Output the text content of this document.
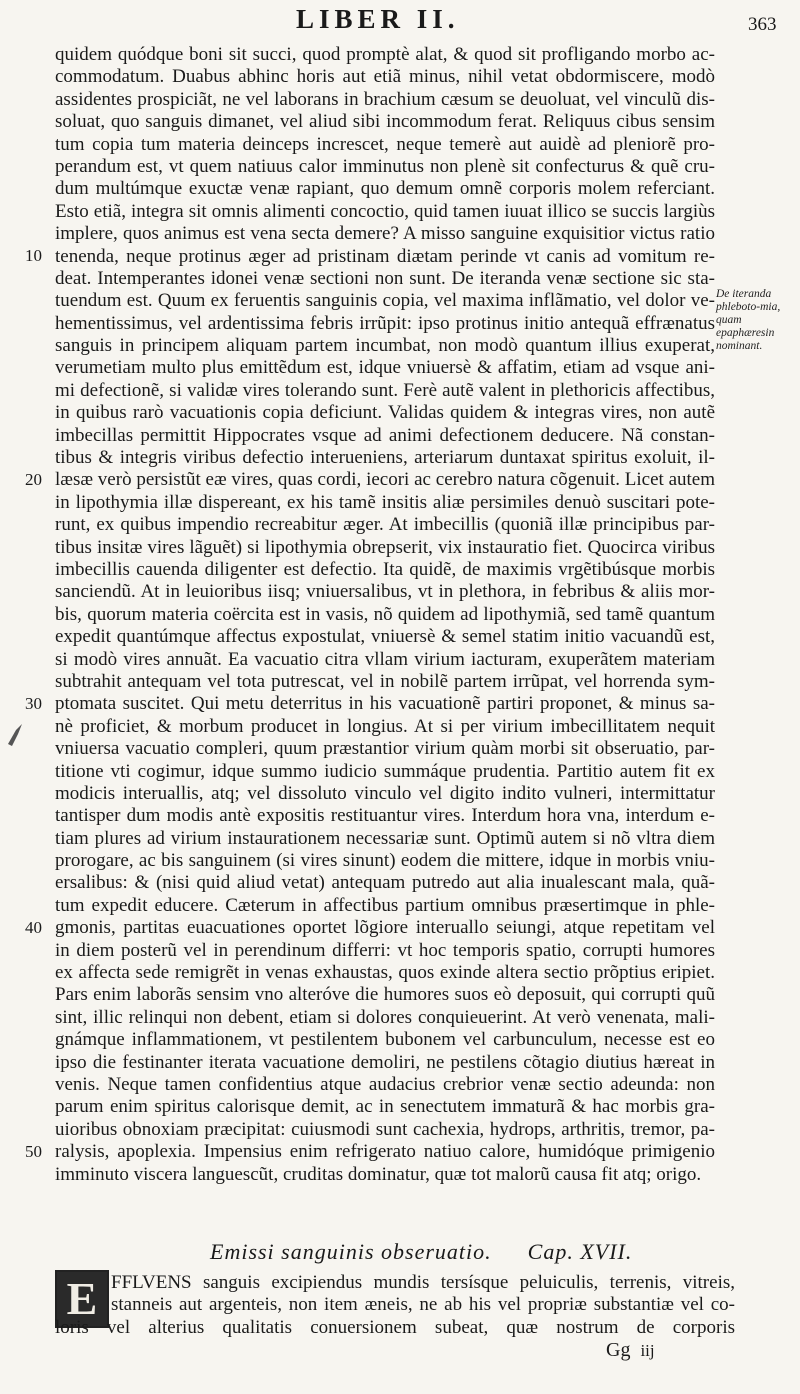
LIBER II.	363
quidem quódque boni sit succi, quod promptè alat, & quod sit profligando morbo ac-
commodatum. Duabus abhinc horis aut etiã minus, nihil vetat obdormiscere, modò
assidentes prospiciãt, ne vel laborans in brachium cæsum se deuoluat, vel vinculũ dis-
soluat, quo sanguis dimanet, vel aliud sibi incommodum ferat. Reliquus cibus sensim
tum copia tum materia deinceps increscet, neque temerè aut auidè ad pleniorẽ pro-
perandum est, vt quem natiuus calor imminutus non plenè sit confecturus & quẽ cru-
dum multúmque exuctæ venæ rapiant, quo demum omnẽ corporis molem referciant.
Esto etiã, integra sit omnis alimenti concoctio, quid tamen iuuat illico se succis largiùs
implere, quos animus est vena secta demere? A misso sanguine exquisitior victus ratio
tenenda, neque protinus æger ad pristinam diætam perinde vt canis ad vomitum re-
10
deat. Intemperantes idonei venæ sectioni non sunt. De iteranda venæ sectione sic sta-
tuendum est. Quum ex feruentis sanguinis copia, vel maxima inflãmatio, vel dolor ve-
hementissimus, vel ardentissima febris irrũpit: ipso protinus initio antequã effrænatus
sanguis in principem aliquam partem incumbat, non modò quantum illius exuperat,
verumetiam multo plus emittẽdum est, idque vniuersè & affatim, etiam ad vsque ani-
mi defectionẽ, si validæ vires tolerando sunt. Ferè autẽ valent in plethoricis affectibus,
in quibus rarò vacuationis copia deficiunt. Validas quidem & integras vires, non autẽ
imbecillas permittit Hippocrates vsque ad animi defectionem deducere. Nã constan-
tibus & integris viribus defectio interueniens, arteriarum duntaxat spiritus exoluit, il-
læsæ verò persistũt eæ vires, quas cordi, iecori ac cerebro natura cõgenuit. Licet autem
20
in lipothymia illæ dispereant, ex his tamẽ insitis aliæ persimiles denuò suscitari pote-
runt, ex quibus impendio recreabitur æger. At imbecillis (quoniã illæ principibus par-
tibus insitæ vires lãguẽt) si lipothymia obrepserit, vix instauratio fiet. Quocirca viribus
imbecillis cauenda diligenter est defectio. Ita quidẽ, de maximis vrgẽtibúsque morbis
sanciendũ. At in leuioribus iisq; vniuersalibus, vt in plethora, in febribus & aliis mor-
bis, quorum materia coërcita est in vasis, nõ quidem ad lipothymiã, sed tamẽ quantum
expedit quantúmque affectus expostulat, vniuersè & semel statim initio vacuandũ est,
si modò vires annuãt. Ea vacuatio citra vllam virium iacturam, exuperãtem materiam
subtrahit antequam vel tota putrescat, vel in nobilẽ partem irrũpat, vel horrenda sym-
ptomata suscitet. Qui metu deterritus in his vacuationẽ partiri proponet, & minus sa-
30
nè proficiet, & morbum producet in longius. At si per virium imbecillitatem nequit
vniuersa vacuatio compleri, quum præstantior virium quàm morbi sit obseruatio, par-
titione vti cogimur, idque summo iudicio summáque prudentia. Partitio autem fit ex
modicis interuallis, atq; vel dissoluto vinculo vel digito indito vulneri, intermittatur
tantisper dum modis antè expositis restituantur vires. Interdum hora vna, interdum e-
tiam plures ad virium instaurationem necessariæ sunt. Optimũ autem si nõ vltra diem
prorogare, ac bis sanguinem (si vires sinunt) eodem die mittere, idque in morbis vniu-
ersalibus: & (nisi quid aliud vetat) antequam putredo aut alia inualescant mala, quã-
tum expedit educere. Cæterum in affectibus partium omnibus præsertimque in phle-
gmonis, partitas euacuationes oportet lõgiore interuallo seiungi, atque repetitam vel
40
in diem posterũ vel in perendinum differri: vt hoc temporis spatio, corrupti humores
ex affecta sede remigrẽt in venas exhaustas, quos exinde altera sectio prõptius eripiet.
Pars enim laborãs sensim vno alteróve die humores suos eò deposuit, qui corrupti quũ
sint, illic relinqui non debent, etiam si dolores conquieuerint. At verò venenata, mali-
gnámque inflammationem, vt pestilentem bubonem vel carbunculum, necesse est eo
ipso die festinanter iterata vacuatione demoliri, ne pestilens cõtagio diutius hæreat in
venis. Neque tamen confidentius atque audacius crebrior venæ sectio adeunda: non
parum enim spiritus calorisque demit, ac in senectutem immaturã & hac morbis gra-
uioribus obnoxiam præcipitat: cuiusmodi sunt cachexia, hydrops, arthritis, tremor, pa-
ralysis, apoplexia. Impensius enim refrigerato natiuo calore, humidóque primigenio
50
imminuto viscera languescũt, cruditas dominatur, quæ tot malorũ causa fit atq; origo.
De iteranda phleboto-mia, quam epaphæresin nominant.
Emissi sanguinis obseruatio. Cap. XVII.
E FFLVENS sanguis excipiendus mundis tersísque peluiculis, terrenis, vitreis,
stanneis aut argenteis, non item æneis, ne ab his vel propriæ substantiæ vel co-
loris vel alterius qualitatis conuersionem subeat, quæ nostrum de corporis
Gg iij
